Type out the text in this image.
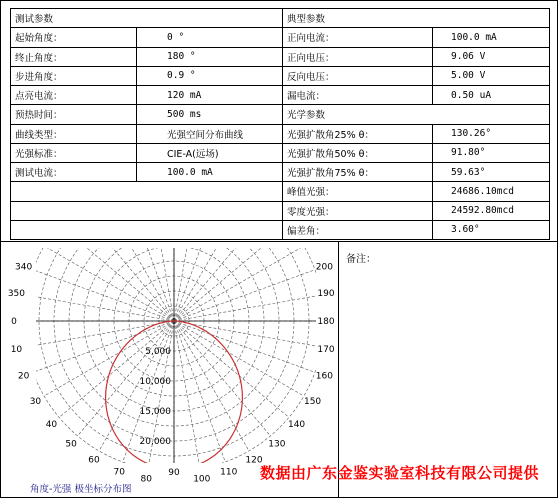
测试参数		典型参数	
起始角度：	0 °	正向电流：	100.0 mA
终止角度：	180 °	正向电压：	9.06 V
步进角度：	0.9 °	反向电压：	5.00 V
点亮电流：	120 mA	漏电流：	0.50 uA
预热时间：	500 ms	光学参数	
曲线类型：	光强空间分布曲线	光强扩散角25% θ：	130.26°
光强标准：	CIE-A(远场)	光强扩散角50% θ：	91.80°
测试电流：	100.0 mA	光强扩散角75% θ：	59.63°
		峰值光强：	24686.10mcd
		零度光强：	24592.80mcd
		偏差角：	3.60°
5,000
10,000
15,000
20,000
340
350
0
10
20
30
40
50
60
70
80
200
190
180
170
160
150
140
130
120
110
100
90
备注：
角度-光强 极坐标分布图
数据由广东金鉴实验室科技有限公司提供
